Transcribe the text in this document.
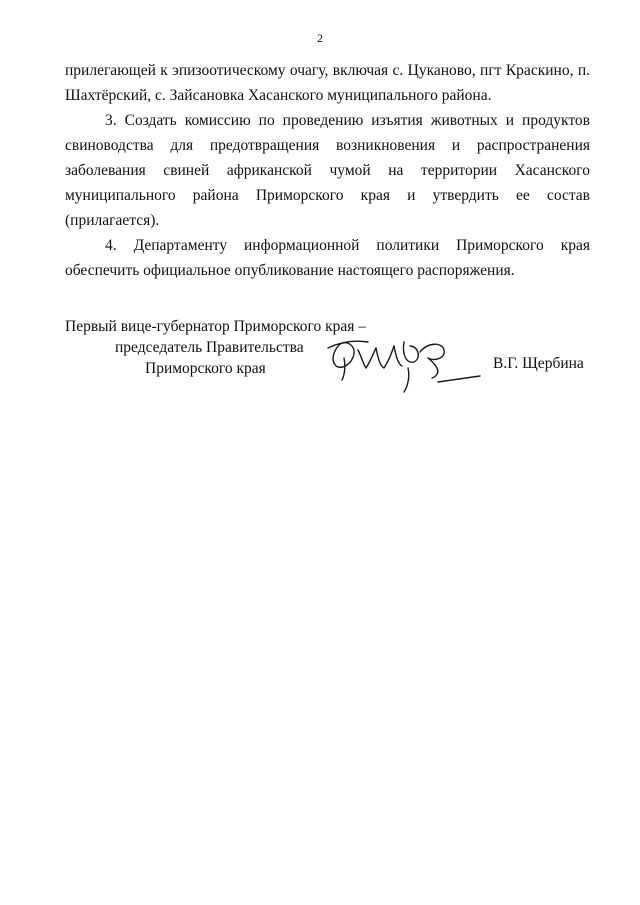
2

прилегающей к эпизоотическому очагу, включая с. Цуканово, пгт Краскино, п. Шахтёрский, с. Зайсановка Хасанского муниципального района.

3. Создать комиссию по проведению изъятия животных и продуктов свиноводства для предотвращения возникновения и распространения заболевания свиней африканской чумой на территории Хасанского муниципального района Приморского края и утвердить ее состав (прилагается).

4. Департаменту информационной политики Приморского края обеспечить официальное опубликование настоящего распоряжения.

Первый вице-губернатор Приморского края –
председатель Правительства
Приморского края	В.Г. Щербина
